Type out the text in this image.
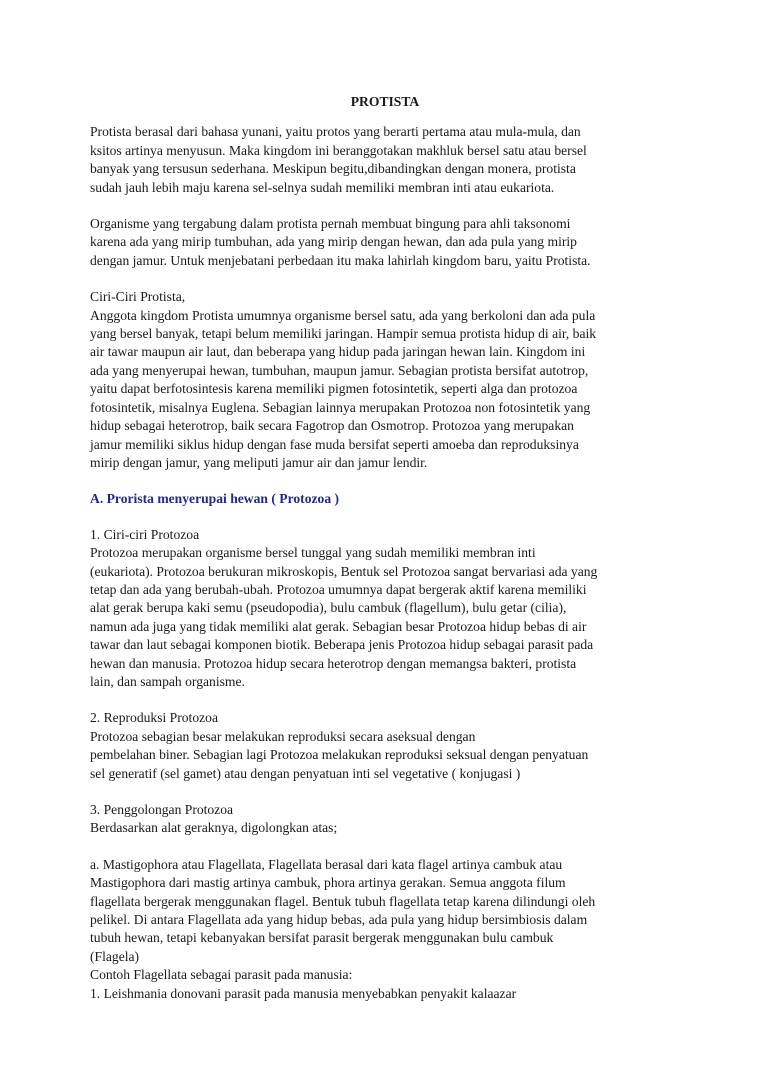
PROTISTA

Protista berasal dari bahasa yunani, yaitu protos yang berarti pertama atau mula-mula, dan
ksitos artinya menyusun. Maka kingdom ini beranggotakan makhluk bersel satu atau bersel
banyak yang tersusun sederhana. Meskipun begitu,dibandingkan dengan monera, protista
sudah jauh lebih maju karena sel-selnya sudah memiliki membran inti atau eukariota.

Organisme yang tergabung dalam protista pernah membuat bingung para ahli taksonomi
karena ada yang mirip tumbuhan, ada yang mirip dengan hewan, dan ada pula yang mirip
dengan jamur. Untuk menjebatani perbedaan itu maka lahirlah kingdom baru, yaitu Protista.

Ciri-Ciri Protista,
Anggota kingdom Protista umumnya organisme bersel satu, ada yang berkoloni dan ada pula
yang bersel banyak, tetapi belum memiliki jaringan. Hampir semua protista hidup di air, baik
air tawar maupun air laut, dan beberapa yang hidup pada jaringan hewan lain. Kingdom ini
ada yang menyerupai hewan, tumbuhan, maupun jamur. Sebagian protista bersifat autotrop,
yaitu dapat berfotosintesis karena memiliki pigmen fotosintetik, seperti alga dan protozoa
fotosintetik, misalnya Euglena. Sebagian lainnya merupakan Protozoa non fotosintetik yang
hidup sebagai heterotrop, baik secara Fagotrop dan Osmotrop. Protozoa yang merupakan
jamur memiliki siklus hidup dengan fase muda bersifat seperti amoeba dan reproduksinya
mirip dengan jamur, yang meliputi jamur air dan jamur lendir.
A. Prorista menyerupai hewan ( Protozoa )
1. Ciri-ciri Protozoa
Protozoa merupakan organisme bersel tunggal yang sudah memiliki membran inti
(eukariota). Protozoa berukuran mikroskopis, Bentuk sel Protozoa sangat bervariasi ada yang
tetap dan ada yang berubah-ubah. Protozoa umumnya dapat bergerak aktif karena memiliki
alat gerak berupa kaki semu (pseudopodia), bulu cambuk (flagellum), bulu getar (cilia),
namun ada juga yang tidak memiliki alat gerak. Sebagian besar Protozoa hidup bebas di air
tawar dan laut sebagai komponen biotik. Beberapa jenis Protozoa hidup sebagai parasit pada
hewan dan manusia. Protozoa hidup secara heterotrop dengan memangsa bakteri, protista
lain, dan sampah organisme.
2. Reproduksi Protozoa
Protozoa sebagian besar melakukan reproduksi secara aseksual dengan
pembelahan biner. Sebagian lagi Protozoa melakukan reproduksi seksual dengan penyatuan
sel generatif (sel gamet) atau dengan penyatuan inti sel vegetative ( konjugasi )
3. Penggolongan Protozoa
Berdasarkan alat geraknya, digolongkan atas;

a. Mastigophora atau Flagellata, Flagellata berasal dari kata flagel artinya cambuk atau
Mastigophora dari mastig artinya cambuk, phora artinya gerakan. Semua anggota filum
flagellata bergerak menggunakan flagel. Bentuk tubuh flagellata tetap karena dilindungi oleh
pelikel. Di antara Flagellata ada yang hidup bebas, ada pula yang hidup bersimbiosis dalam
tubuh hewan, tetapi kebanyakan bersifat parasit bergerak menggunakan bulu cambuk
(Flagela)
Contoh Flagellata sebagai parasit pada manusia:
1. Leishmania donovani parasit pada manusia menyebabkan penyakit kalaazar
